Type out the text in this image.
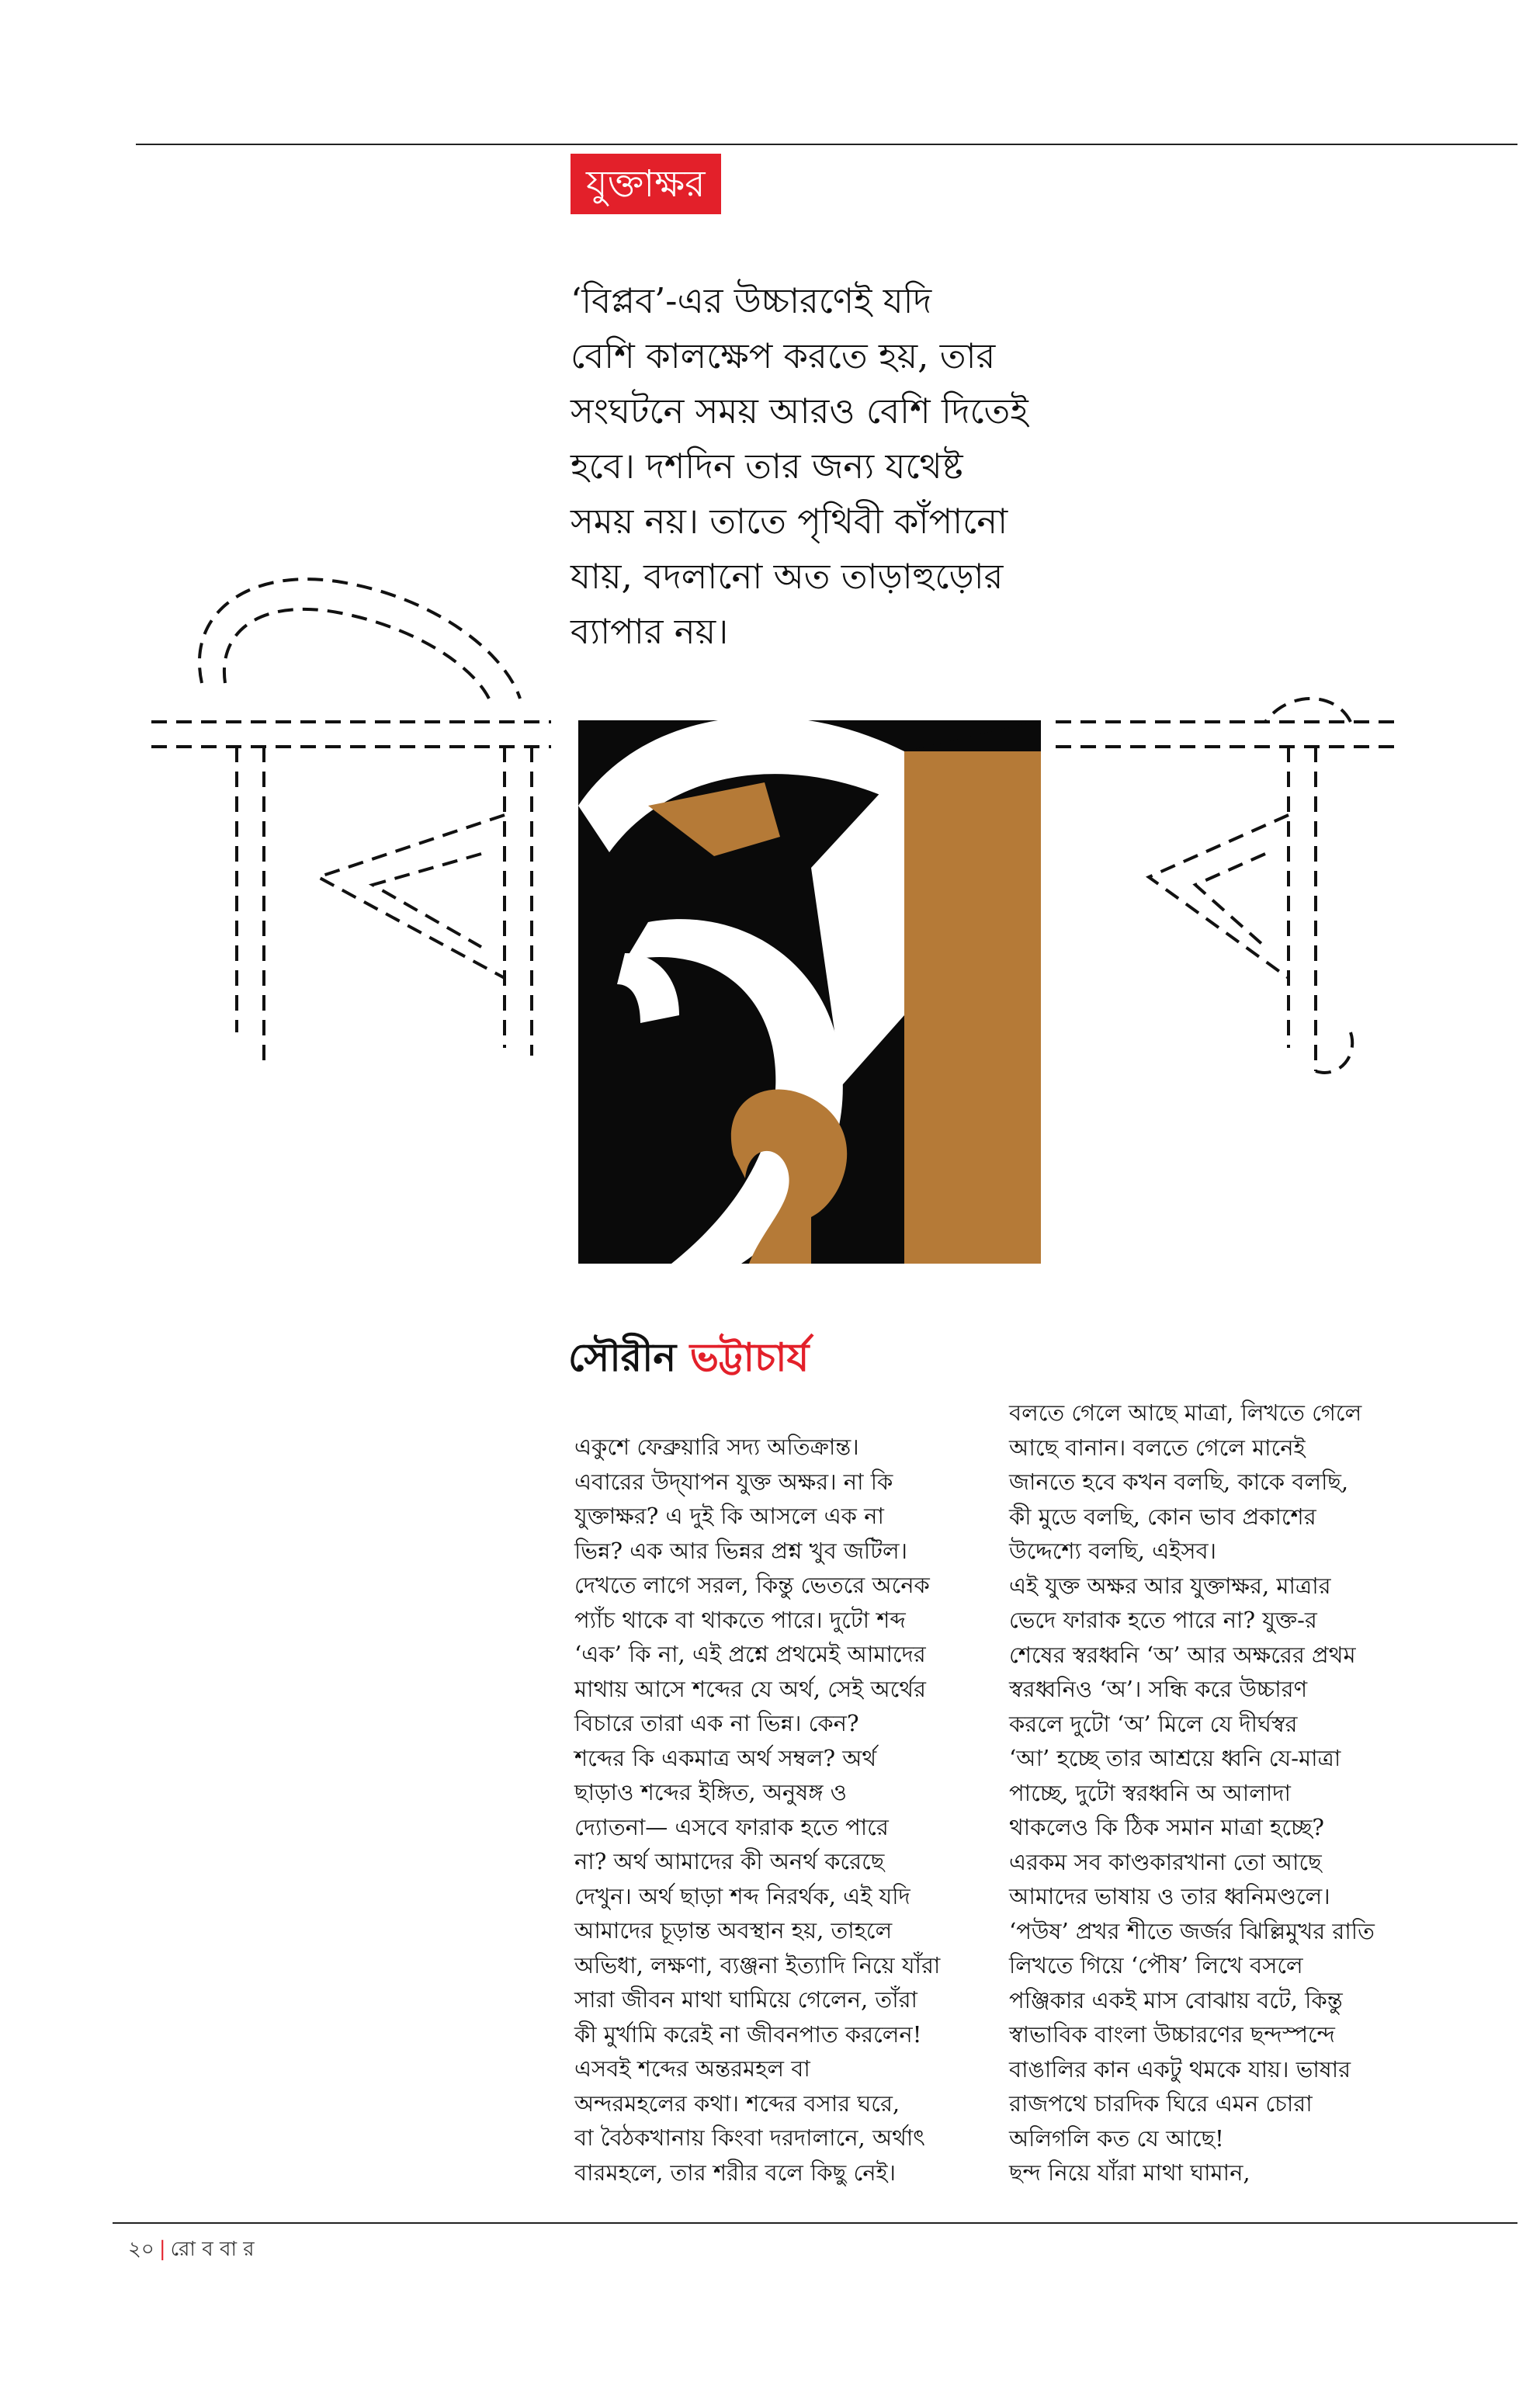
যুক্তাক্ষর

‘বিপ্লব’-এর উচ্চারণেই যদি
বেশি কালক্ষেপ করতে হয়, তার
সংঘটনে সময় আরও বেশি দিতেই
হবে। দশদিন তার জন্য যথেষ্ট
সময় নয়। তাতে পৃথিবী কাঁপানো
যায়, বদলানো অত তাড়াহুড়োর
ব্যাপার নয়।

সৌরীন ভট্টাচার্য
একুশে ফেব্রুয়ারি সদ্য অতিক্রান্ত।
এবারের উদ্‌যাপন যুক্ত অক্ষর। না কি
যুক্তাক্ষর? এ দুই কি আসলে এক না
ভিন্ন? এক আর ভিন্নর প্রশ্ন খুব জটিল।
দেখতে লাগে সরল, কিন্তু ভেতরে অনেক
প্যাঁচ থাকে বা থাকতে পারে। দুটো শব্দ
‘এক’ কি না, এই প্রশ্নে প্রথমেই আমাদের
মাথায় আসে শব্দের যে অর্থ, সেই অর্থের
বিচারে তারা এক না ভিন্ন। কেন?
শব্দের কি একমাত্র অর্থ সম্বল? অর্থ
ছাড়াও শব্দের ইঙ্গিত, অনুষঙ্গ ও
দ্যোতনা— এসবে ফারাক হতে পারে
না? অর্থ আমাদের কী অনর্থ করেছে
দেখুন। অর্থ ছাড়া শব্দ নিরর্থক, এই যদি
আমাদের চূড়ান্ত অবস্থান হয়, তাহলে
অভিধা, লক্ষণা, ব্যঞ্জনা ইত্যাদি নিয়ে যাঁরা
সারা জীবন মাথা ঘামিয়ে গেলেন, তাঁরা
কী মুর্খামি করেই না জীবনপাত করলেন!
এসবই শব্দের অন্তরমহল বা
অন্দরমহলের কথা। শব্দের বসার ঘরে,
বা বৈঠকখানায় কিংবা দরদালানে, অর্থাৎ
বারমহলে, তার শরীর বলে কিছু নেই।
বলতে গেলে আছে মাত্রা, লিখতে গেলে
আছে বানান। বলতে গেলে মানেই
জানতে হবে কখন বলছি, কাকে বলছি,
কী মুডে বলছি, কোন ভাব প্রকাশের
উদ্দেশ্যে বলছি, এইসব।
এই যুক্ত অক্ষর আর যুক্তাক্ষর, মাত্রার
ভেদে ফারাক হতে পারে না? যুক্ত-র
শেষের স্বরধ্বনি ‘অ’ আর অক্ষরের প্রথম
স্বরধ্বনিও ‘অ’। সন্ধি করে উচ্চারণ
করলে দুটো ‘অ’ মিলে যে দীর্ঘস্বর
‘আ’ হচ্ছে তার আশ্রয়ে ধ্বনি যে-মাত্রা
পাচ্ছে, দুটো স্বরধ্বনি অ আলাদা
থাকলেও কি ঠিক সমান মাত্রা হচ্ছে?
এরকম সব কাণ্ডকারখানা তো আছে
আমাদের ভাষায় ও তার ধ্বনিমণ্ডলে।
‘পউষ’ প্রখর শীতে জর্জর ঝিল্লিমুখর রাতি
লিখতে গিয়ে ‘পৌষ’ লিখে বসলে
পঞ্জিকার একই মাস বোঝায় বটে, কিন্তু
স্বাভাবিক বাংলা উচ্চারণের ছন্দস্পন্দে
বাঙালির কান একটু থমকে যায়। ভাষার
রাজপথে চারদিক ঘিরে এমন চোরা
অলিগলি কত যে আছে!
ছন্দ নিয়ে যাঁরা মাথা ঘামান,
২০ | রো ব বা র
